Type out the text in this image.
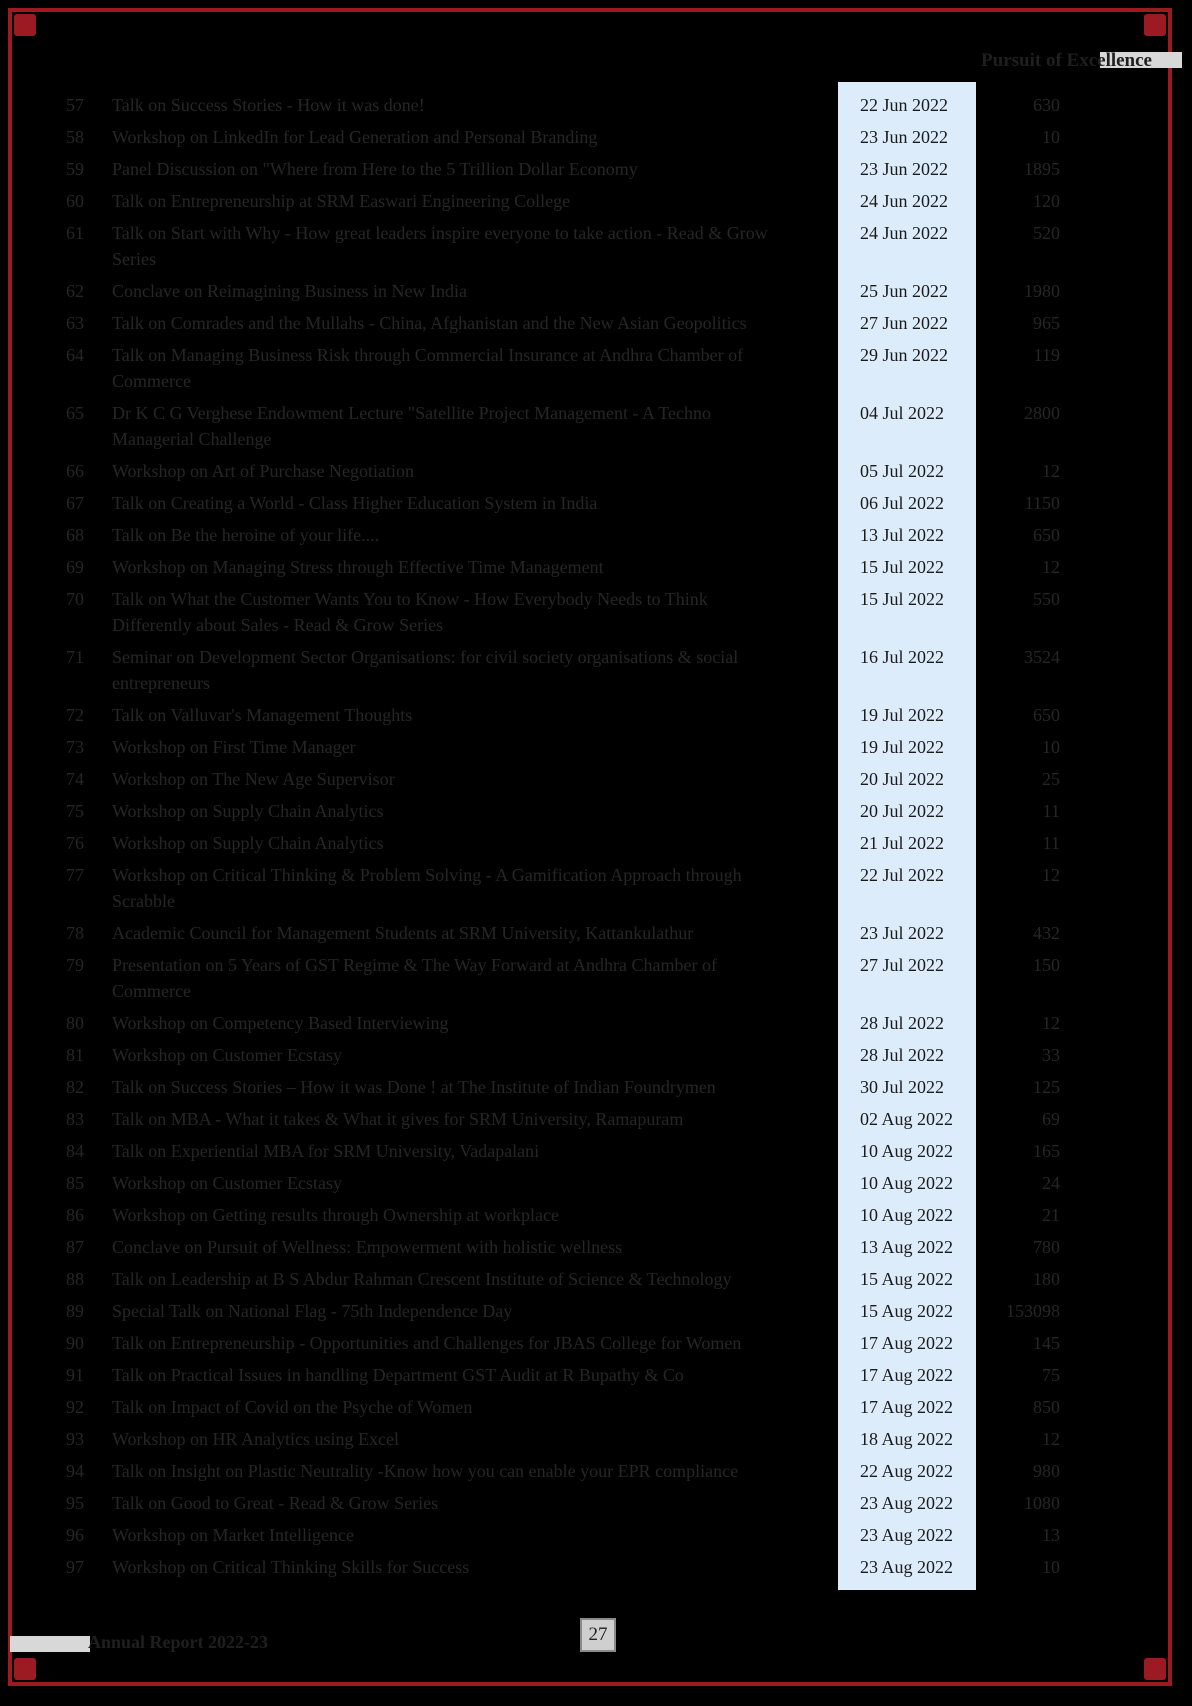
Pursuit of Excellence
57	Talk on Success Stories - How it was done!	22 Jun 2022	630
58	Workshop on LinkedIn for Lead Generation and Personal Branding	23 Jun 2022	10
59	Panel Discussion on "Where from Here to the 5 Trillion Dollar Economy	23 Jun 2022	1895
60	Talk on Entrepreneurship at SRM Easwari Engineering College	24 Jun 2022	120
61	Talk on Start with Why - How great leaders inspire everyone to take action - Read & Grow Series	24 Jun 2022	520
62	Conclave on Reimagining Business in New India	25 Jun 2022	1980
63	Talk on Comrades and the Mullahs - China, Afghanistan and the New Asian Geopolitics	27 Jun 2022	965
64	Talk on Managing Business Risk through Commercial Insurance at Andhra Chamber of Commerce	29 Jun 2022	119
65	Dr K C G Verghese Endowment Lecture "Satellite Project Management - A Techno Managerial Challenge	04 Jul 2022	2800
66	Workshop on Art of Purchase Negotiation	05 Jul 2022	12
67	Talk on Creating a World - Class Higher Education System in India	06 Jul 2022	1150
68	Talk on Be the heroine of your life....	13 Jul 2022	650
69	Workshop on Managing Stress through Effective Time Management	15 Jul 2022	12
70	Talk on What the Customer Wants You to Know - How Everybody Needs to Think Differently about Sales - Read & Grow Series	15 Jul 2022	550
71	Seminar on Development Sector Organisations: for civil society organisations & social entrepreneurs	16 Jul 2022	3524
72	Talk on Valluvar's Management Thoughts	19 Jul 2022	650
73	Workshop on First Time Manager	19 Jul 2022	10
74	Workshop on The New Age Supervisor	20 Jul 2022	25
75	Workshop on Supply Chain Analytics	20 Jul 2022	11
76	Workshop on Supply Chain Analytics	21 Jul 2022	11
77	Workshop on Critical Thinking & Problem Solving - A Gamification Approach through Scrabble	22 Jul 2022	12
78	Academic Council for Management Students at SRM University, Kattankulathur	23 Jul 2022	432
79	Presentation on 5 Years of GST Regime & The Way Forward at Andhra Chamber of Commerce	27 Jul 2022	150
80	Workshop on Competency Based Interviewing	28 Jul 2022	12
81	Workshop on Customer Ecstasy	28 Jul 2022	33
82	Talk on Success Stories – How it was Done ! at The Institute of Indian Foundrymen	30 Jul 2022	125
83	Talk on MBA - What it takes & What it gives for SRM University, Ramapuram	02 Aug 2022	69
84	Talk on Experiential MBA for SRM University, Vadapalani	10 Aug 2022	165
85	Workshop on Customer Ecstasy	10 Aug 2022	24
86	Workshop on Getting results through Ownership at workplace	10 Aug 2022	21
87	Conclave on Pursuit of Wellness: Empowerment with holistic wellness	13 Aug 2022	780
88	Talk on Leadership at B S Abdur Rahman Crescent Institute of Science & Technology	15 Aug 2022	180
89	Special Talk on National Flag - 75th Independence Day	15 Aug 2022	153098
90	Talk on Entrepreneurship - Opportunities and Challenges for JBAS College for Women	17 Aug 2022	145
91	Talk on Practical Issues in handling Department GST Audit at R Bupathy & Co	17 Aug 2022	75
92	Talk on Impact of Covid on the Psyche of Women	17 Aug 2022	850
93	Workshop on HR Analytics using Excel	18 Aug 2022	12
94	Talk on Insight on Plastic Neutrality -Know how you can enable your EPR compliance	22 Aug 2022	980
95	Talk on Good to Great - Read & Grow Series	23 Aug 2022	1080
96	Workshop on Market Intelligence	23 Aug 2022	13
97	Workshop on Critical Thinking Skills for Success	23 Aug 2022	10
Annual Report 2022-23	27
